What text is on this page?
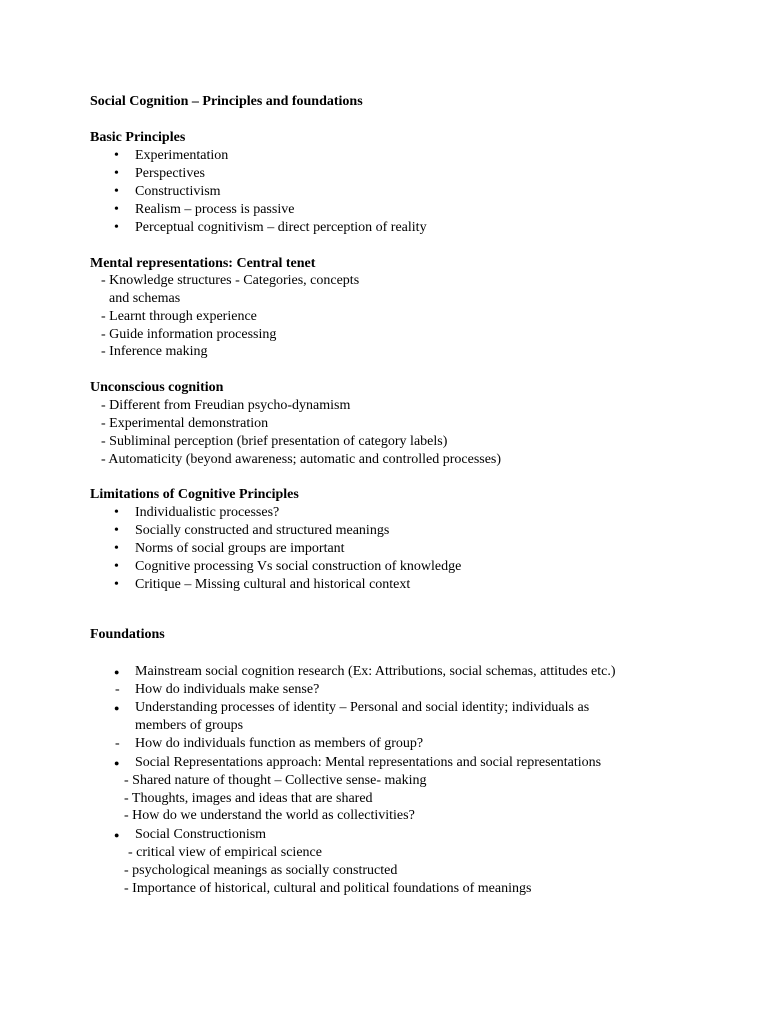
Social Cognition – Principles and foundations
Basic Principles
•
Experimentation
•
Perspectives
•
Constructivism
•
Realism – process is passive
•
Perceptual cognitivism – direct perception of reality
Mental representations: Central tenet
- Knowledge structures - Categories, concepts
and schemas
- Learnt through experience
- Guide information processing
- Inference making
Unconscious cognition
- Different from Freudian psycho-dynamism
- Experimental demonstration
- Subliminal perception (brief presentation of category labels)
- Automaticity (beyond awareness; automatic and controlled processes)
Limitations of Cognitive Principles
•
Individualistic processes?
•
Socially constructed and structured meanings
•
Norms of social groups are important
•
Cognitive processing Vs social construction of knowledge
•
Critique – Missing cultural and historical context
Foundations
●
Mainstream social cognition research (Ex: Attributions, social schemas, attitudes etc.)
-
How do individuals make sense?
●
Understanding processes of identity – Personal and social identity; individuals as
members of groups
-
How do individuals function as members of group?
●
Social Representations approach: Mental representations and social representations
- Shared nature of thought – Collective sense- making
- Thoughts, images and ideas that are shared
- How do we understand the world as collectivities?
●
Social Constructionism
- critical view of empirical science
- psychological meanings as socially constructed
- Importance of historical, cultural and political foundations of meanings
